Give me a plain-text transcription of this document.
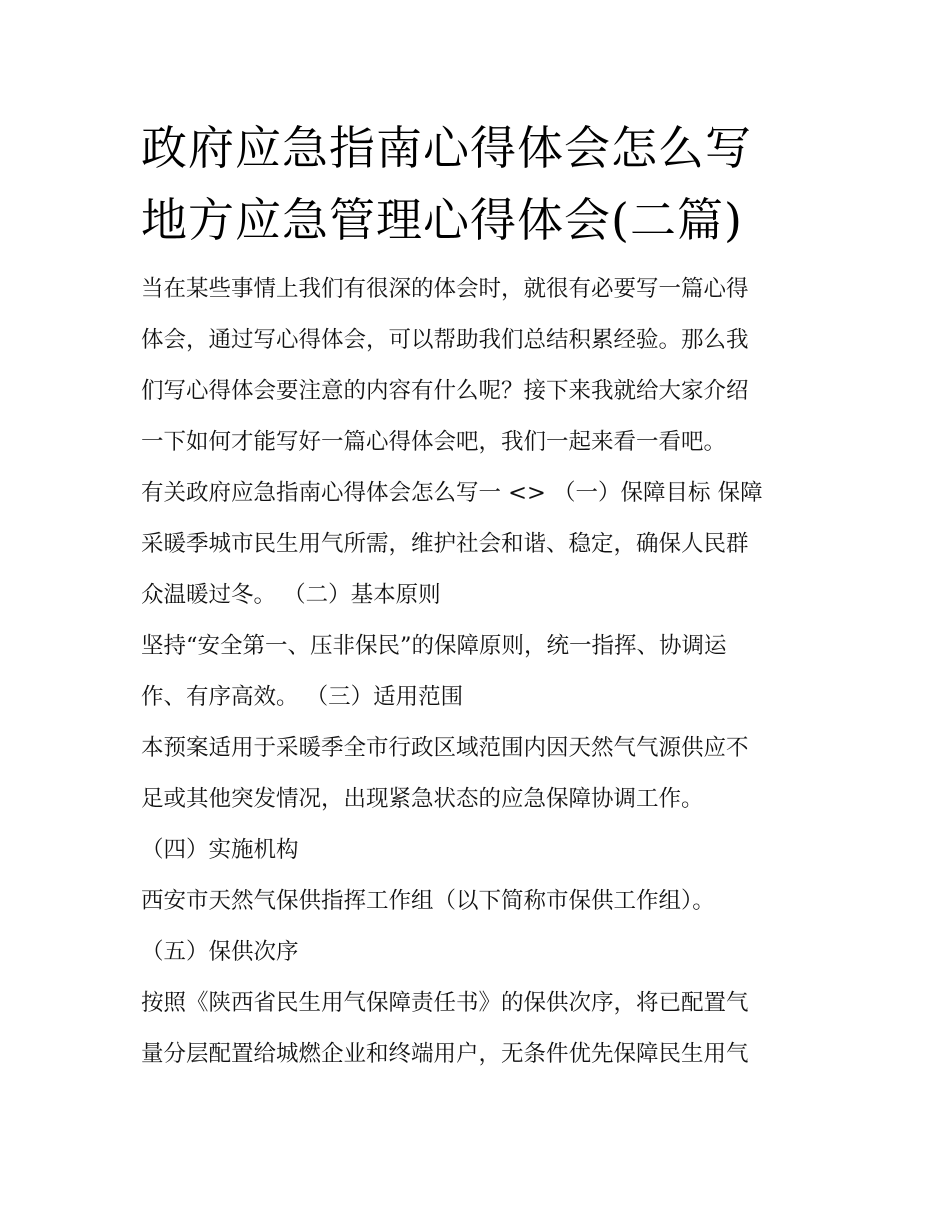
政府应急指南心得体会怎么写
地方应急管理心得体会(二篇)
当在某些事情上我们有很深的体会时，就很有必要写一篇心得
体会，通过写心得体会，可以帮助我们总结积累经验。那么我
们写心得体会要注意的内容有什么呢？接下来我就给大家介绍
一下如何才能写好一篇心得体会吧，我们一起来看一看吧。
有关政府应急指南心得体会怎么写一 <> （一）保障目标 保障
采暖季城市民生用气所需，维护社会和谐、稳定，确保人民群
众温暖过冬。 （二）基本原则
坚持“安全第一、压非保民”的保障原则，统一指挥、协调运
作、有序高效。 （三）适用范围
本预案适用于采暖季全市行政区域范围内因天然气气源供应不
足或其他突发情况，出现紧急状态的应急保障协调工作。
（四）实施机构
西安市天然气保供指挥工作组（以下简称市保供工作组）。
（五）保供次序
按照《陕西省民生用气保障责任书》的保供次序，将已配置气
量分层配置给城燃企业和终端用户，无条件优先保障民生用气
